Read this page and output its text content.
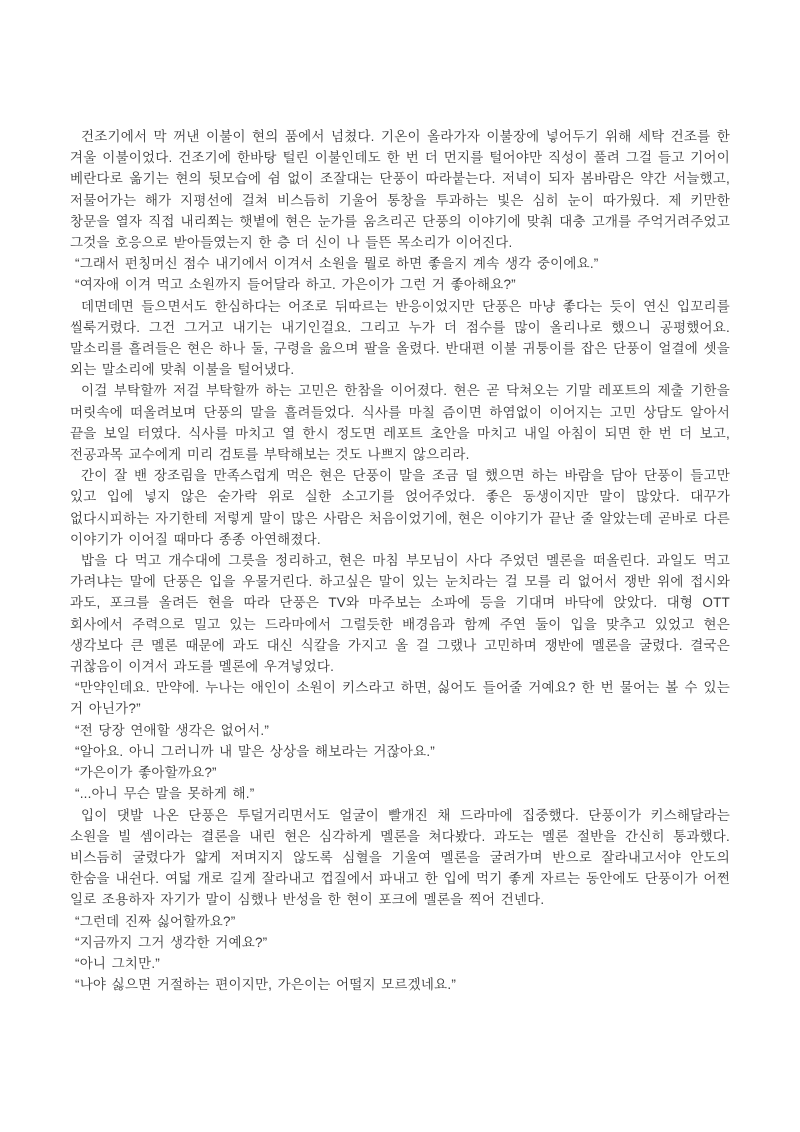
건조기에서 막 꺼낸 이불이 현의 품에서 넘쳤다. 기온이 올라가자 이불장에 넣어두기 위해 세탁 건조를 한 겨울 이불이었다. 건조기에 한바탕 털린 이불인데도 한 번 더 먼지를 털어야만 직성이 풀려 그걸 들고 기어이 베란다로 옮기는 현의 뒷모습에 쉼 없이 조잘대는 단풍이 따라붙는다. 저녁이 되자 봄바람은 약간 서늘했고, 저물어가는 해가 지평선에 걸쳐 비스듬히 기울어 통창을 투과하는 빛은 심히 눈이 따가웠다. 제 키만한 창문을 열자 직접 내리쬐는 햇볕에 현은 눈가를 움츠리곤 단풍의 이야기에 맞춰 대충 고개를 주억거려주었고 그것을 호응으로 받아들였는지 한 층 더 신이 나 들뜬 목소리가 이어진다.

“그래서 펀칭머신 점수 내기에서 이겨서 소원을 뭘로 하면 좋을지 계속 생각 중이에요.”

“여자애 이겨 먹고 소원까지 들어달라 하고. 가은이가 그런 거 좋아해요?”

데면데면 들으면서도 한심하다는 어조로 뒤따르는 반응이었지만 단풍은 마냥 좋다는 듯이 연신 입꼬리를 씰룩거렸다. 그건 그거고 내기는 내기인걸요. 그리고 누가 더 점수를 많이 올리나로 했으니 공평했어요. 말소리를 흘려들은 현은 하나 둘, 구령을 읊으며 팔을 올렸다. 반대편 이불 귀퉁이를 잡은 단풍이 얼결에 셋을 외는 말소리에 맞춰 이불을 털어냈다.

이걸 부탁할까 저걸 부탁할까 하는 고민은 한참을 이어졌다. 현은 곧 닥쳐오는 기말 레포트의 제출 기한을 머릿속에 떠올려보며 단풍의 말을 흘려들었다. 식사를 마칠 즘이면 하염없이 이어지는 고민 상담도 알아서 끝을 보일 터였다. 식사를 마치고 열 한시 정도면 레포트 초안을 마치고 내일 아침이 되면 한 번 더 보고, 전공과목 교수에게 미리 검토를 부탁해보는 것도 나쁘지 않으리라.

간이 잘 밴 장조림을 만족스럽게 먹은 현은 단풍이 말을 조금 덜 했으면 하는 바람을 담아 단풍이 들고만 있고 입에 넣지 않은 숟가락 위로 실한 소고기를 얹어주었다. 좋은 동생이지만 말이 많았다. 대꾸가 없다시피하는 자기한테 저렇게 말이 많은 사람은 처음이었기에, 현은 이야기가 끝난 줄 알았는데 곧바로 다른 이야기가 이어질 때마다 종종 아연해졌다.

밥을 다 먹고 개수대에 그릇을 정리하고, 현은 마침 부모님이 사다 주었던 멜론을 떠올린다. 과일도 먹고 가려냐는 말에 단풍은 입을 우물거린다. 하고싶은 말이 있는 눈치라는 걸 모를 리 없어서 쟁반 위에 접시와 과도, 포크를 올려든 현을 따라 단풍은 TV와 마주보는 소파에 등을 기대며 바닥에 앉았다. 대형 OTT 회사에서 주력으로 밀고 있는 드라마에서 그럴듯한 배경음과 함께 주연 둘이 입을 맞추고 있었고 현은 생각보다 큰 멜론 때문에 과도 대신 식칼을 가지고 올 걸 그랬나 고민하며 쟁반에 멜론을 굴렸다. 결국은 귀찮음이 이겨서 과도를 멜론에 우겨넣었다.

“만약인데요. 만약에. 누나는 애인이 소원이 키스라고 하면, 싫어도 들어줄 거예요? 한 번 물어는 볼 수 있는 거 아닌가?”

“전 당장 연애할 생각은 없어서.”

“알아요. 아니 그러니까 내 말은 상상을 해보라는 거잖아요.”

“가은이가 좋아할까요?”

“...아니 무슨 말을 못하게 해.”

입이 댓발 나온 단풍은 투덜거리면서도 얼굴이 빨개진 채 드라마에 집중했다. 단풍이가 키스해달라는 소원을 빌 셈이라는 결론을 내린 현은 심각하게 멜론을 쳐다봤다. 과도는 멜론 절반을 간신히 통과했다. 비스듬히 굴렸다가 얇게 저며지지 않도록 심혈을 기울여 멜론을 굴려가며 반으로 잘라내고서야 안도의 한숨을 내쉰다. 여덟 개로 길게 잘라내고 껍질에서 파내고 한 입에 먹기 좋게 자르는 동안에도 단풍이가 어쩐 일로 조용하자 자기가 말이 심했나 반성을 한 현이 포크에 멜론을 찍어 건넨다.

“그런데 진짜 싫어할까요?”

“지금까지 그거 생각한 거예요?”

“아니 그치만.”

“나야 싫으면 거절하는 편이지만, 가은이는 어떨지 모르겠네요.”
